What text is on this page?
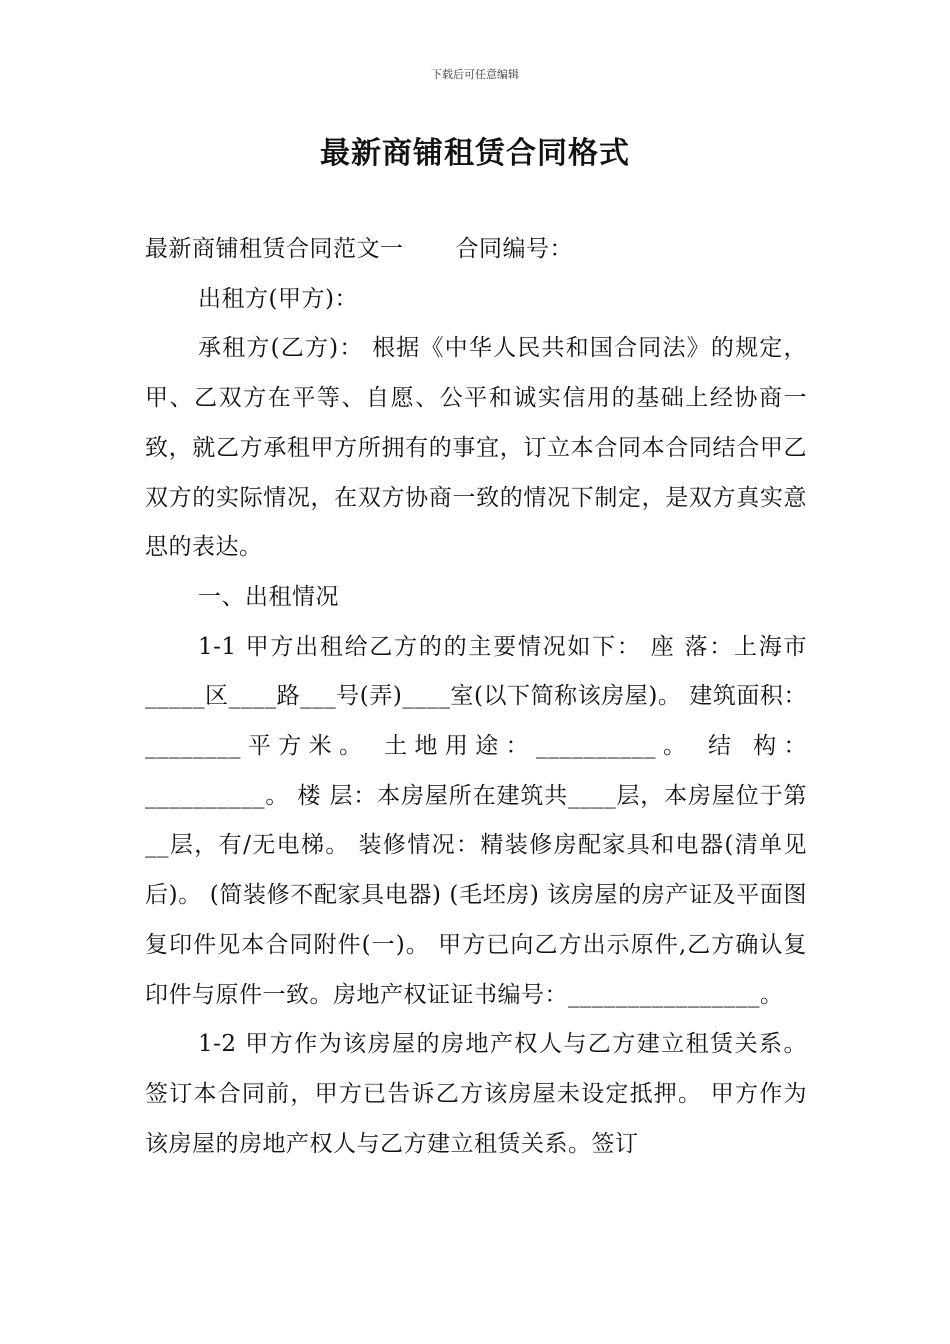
下载后可任意编辑
最新商铺租赁合同格式

最新商铺租赁合同范文一 合同编号：

出租方(甲方)：

承租方(乙方)： 根据《中华人民共和国合同法》的规定，甲、乙双方在平等、自愿、公平和诚实信用的基础上经协商一致，就乙方承租甲方所拥有的事宜，订立本合同本合同结合甲乙双方的实际情况，在双方协商一致的情况下制定，是双方真实意思的表达。

一、出租情况

1-1 甲方出租给乙方的的主要情况如下： 座 落：上海市_____区____路___号(弄)____室(以下简称该房屋)。 建筑面积：________平方米。 土地用途：__________。 结 构：__________。 楼 层：本房屋所在建筑共____层，本房屋位于第__层，有/无电梯。 装修情况：精装修房配家具和电器(清单见后)。 (简装修不配家具电器) (毛坯房) 该房屋的房产证及平面图复印件见本合同附件(一)。 甲方已向乙方出示原件,乙方确认复印件与原件一致。房地产权证证书编号：________________。

1-2 甲方作为该房屋的房地产权人与乙方建立租赁关系。签订本合同前，甲方已告诉乙方该房屋未设定抵押。 甲方作为该房屋的房地产权人与乙方建立租赁关系。签订
